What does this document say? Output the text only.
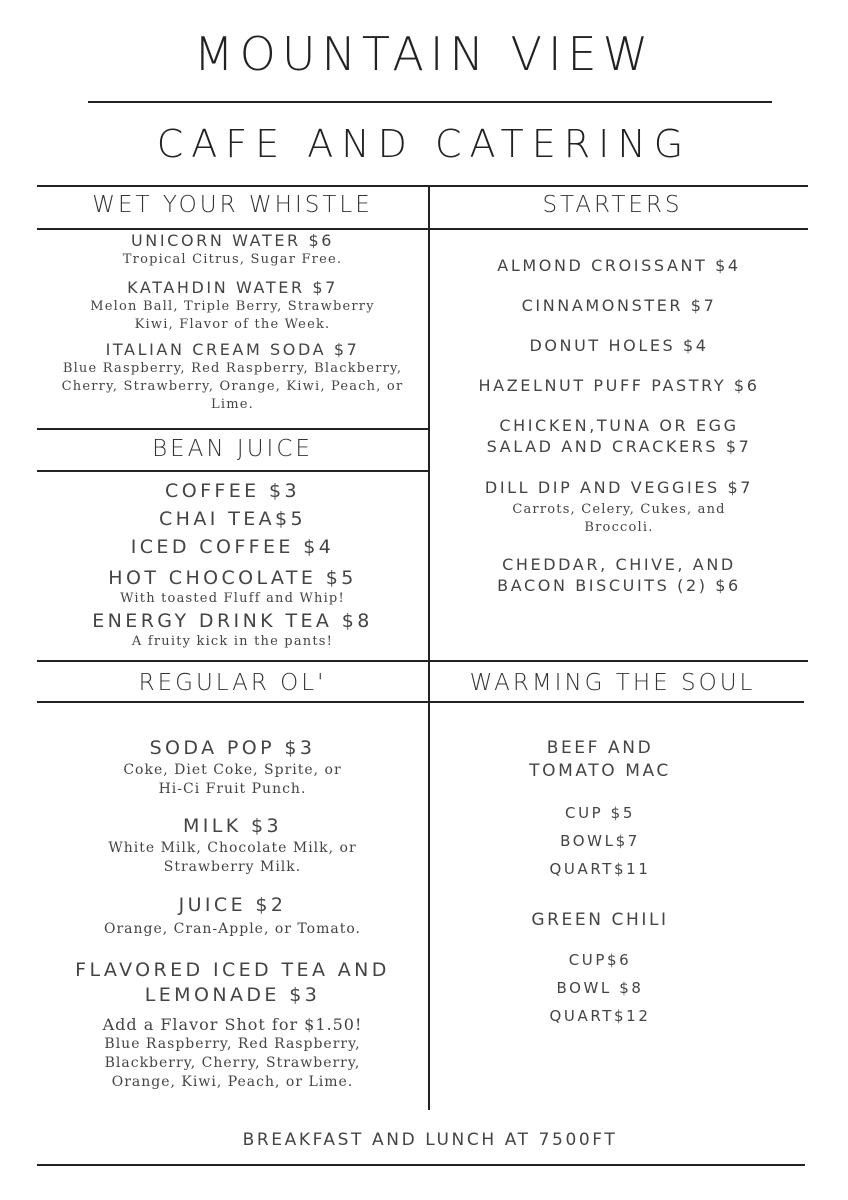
MOUNTAIN VIEW
CAFE AND CATERING
WET YOUR WHISTLE	STARTERS
BEAN JUICE
REGULAR OL'	WARMING THE SOUL
UNICORN WATER $6
Tropical Citrus, Sugar Free.
KATAHDIN WATER $7
Melon Ball, Triple Berry, Strawberry
Kiwi, Flavor of the Week.
ITALIAN CREAM SODA $7
Blue Raspberry, Red Raspberry, Blackberry,
Cherry, Strawberry, Orange, Kiwi, Peach, or
Lime.
COFFEE $3
CHAI TEA$5
ICED COFFEE $4
HOT CHOCOLATE $5
With toasted Fluff and Whip!
ENERGY DRINK TEA $8
A fruity kick in the pants!
SODA POP $3
Coke, Diet Coke, Sprite, or
Hi-Ci Fruit Punch.
MILK $3
White Milk, Chocolate Milk, or
Strawberry Milk.
JUICE $2
Orange, Cran-Apple, or Tomato.
FLAVORED ICED TEA AND
LEMONADE $3
Add a Flavor Shot for $1.50!
Blue Raspberry, Red Raspberry,
Blackberry, Cherry, Strawberry,
Orange, Kiwi, Peach, or Lime.
ALMOND CROISSANT $4
CINNAMONSTER $7
DONUT HOLES $4
HAZELNUT PUFF PASTRY $6
CHICKEN,TUNA OR EGG
SALAD AND CRACKERS $7
DILL DIP AND VEGGIES $7
Carrots, Celery, Cukes, and
Broccoli.
CHEDDAR, CHIVE, AND
BACON BISCUITS (2) $6
BEEF AND
TOMATO MAC
CUP $5
BOWL$7
QUART$11
GREEN CHILI
CUP$6
BOWL $8
QUART$12
BREAKFAST AND LUNCH AT 7500FT
